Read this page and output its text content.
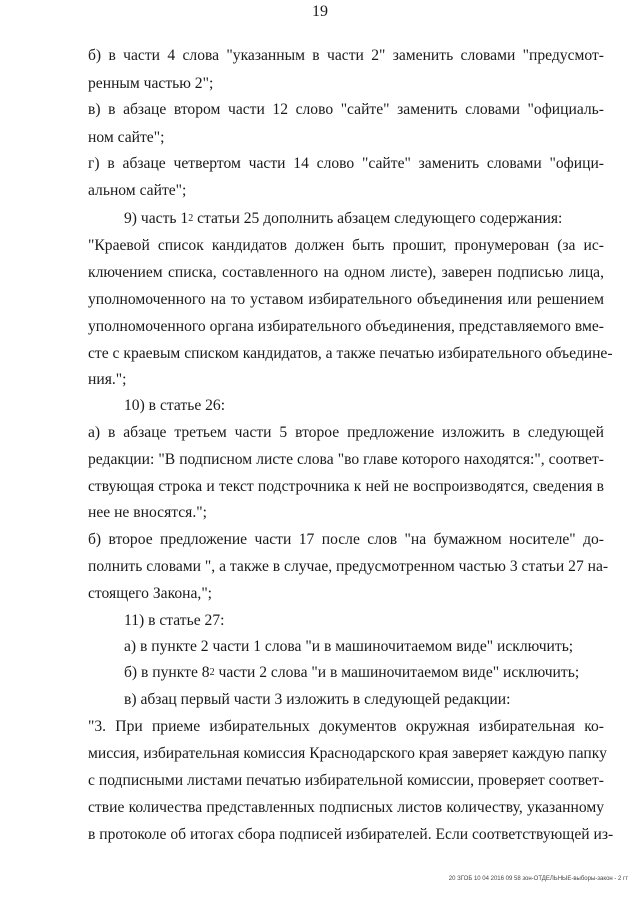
19
б) в части 4 слова "указанным в части 2" заменить словами "предусмот-
ренным частью 2";
в) в абзаце втором части 12 слово "сайте" заменить словами "официаль-
ном сайте";
г) в абзаце четвертом части 14 слово "сайте" заменить словами "офици-
альном сайте";
9) часть $1^2$ статьи 25 дополнить абзацем следующего содержания:
"Краевой список кандидатов должен быть прошит, пронумерован (за ис-
ключением списка, составленного на одном листе), заверен подписью лица,
уполномоченного на то уставом избирательного объединения или решением
уполномоченного органа избирательного объединения, представляемого вме-
сте с краевым списком кандидатов, а также печатью избирательного объедине-
ния.";
10) в статье 26:
а) в абзаце третьем части 5 второе предложение изложить в следующей
редакции: "В подписном листе слова "во главе которого находятся:", соответ-
ствующая строка и текст подстрочника к ней не воспроизводятся, сведения в
нее не вносятся.";
б) второе предложение части 17 после слов "на бумажном носителе" до-
полнить словами ", а также в случае, предусмотренном частью 3 статьи 27 на-
стоящего Закона,";
11) в статье 27:
а) в пункте 2 части 1 слова "и в машиночитаемом виде" исключить;
б) в пункте $8^2$ части 2 слова "и в машиночитаемом виде" исключить;
в) абзац первый части 3 изложить в следующей редакции:
"3. При приеме избирательных документов окружная избирательная ко-
миссия, избирательная комиссия Краснодарского края заверяет каждую папку
с подписными листами печатью избирательной комиссии, проверяет соответ-
ствие количества представленных подписных листов количеству, указанному
в протоколе об итогах сбора подписей избирателей. Если соответствующей из-
20 ЗГОБ 10 04 2016 09 58 зон-ОТДЕЛЬНЫЕ-выборы-закон - 2 гт
